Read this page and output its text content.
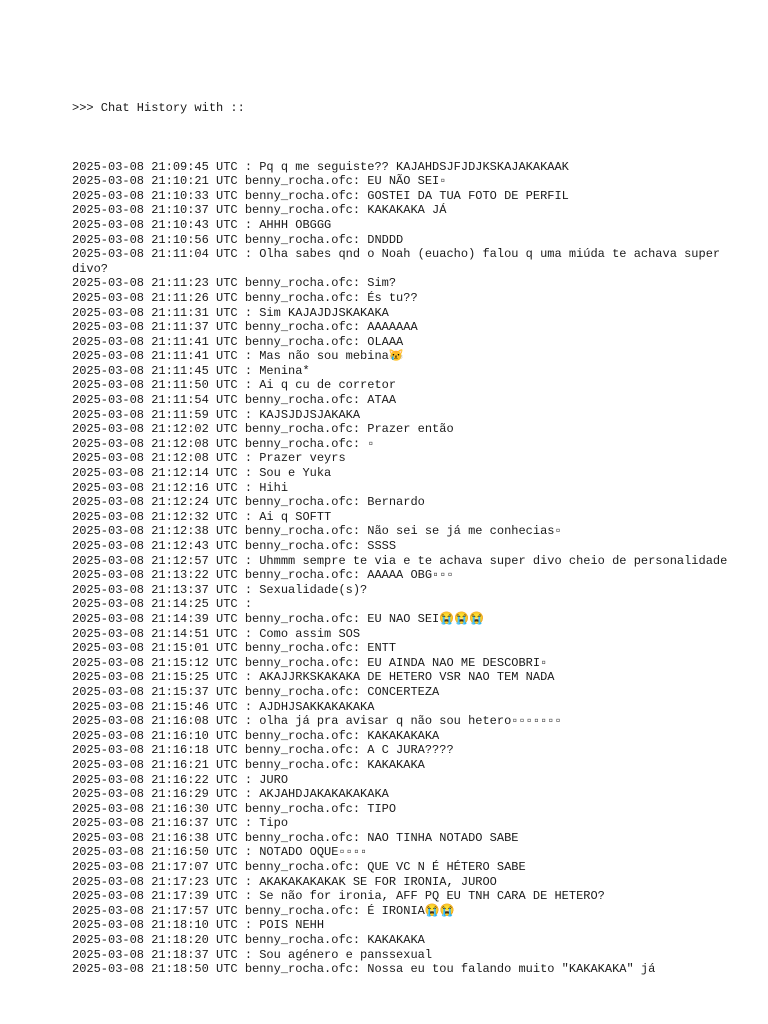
>>> Chat History with ::

2025-03-08 21:09:45 UTC : Pq q me seguiste?? KAJAHDSJFJDJKSKAJAKAKAAK
2025-03-08 21:10:21 UTC benny_rocha.ofc: EU NÃO SEI▫
2025-03-08 21:10:33 UTC benny_rocha.ofc: GOSTEI DA TUA FOTO DE PERFIL
2025-03-08 21:10:37 UTC benny_rocha.ofc: KAKAKAKA JÁ
2025-03-08 21:10:43 UTC : AHHH OBGGG
2025-03-08 21:10:56 UTC benny_rocha.ofc: DNDDD
2025-03-08 21:11:04 UTC : Olha sabes qnd o Noah (euacho) falou q uma miúda te achava super divo?
2025-03-08 21:11:23 UTC benny_rocha.ofc: Sim?
2025-03-08 21:11:26 UTC benny_rocha.ofc: És tu??
2025-03-08 21:11:31 UTC : Sim KAJAJDJSKAKAKA
2025-03-08 21:11:37 UTC benny_rocha.ofc: AAAAAAA
2025-03-08 21:11:41 UTC benny_rocha.ofc: OLAAA
2025-03-08 21:11:41 UTC : Mas não sou mebina😿
2025-03-08 21:11:45 UTC : Menina*
2025-03-08 21:11:50 UTC : Ai q cu de corretor
2025-03-08 21:11:54 UTC benny_rocha.ofc: ATAA
2025-03-08 21:11:59 UTC : KAJSJDJSJAKAKA
2025-03-08 21:12:02 UTC benny_rocha.ofc: Prazer então
2025-03-08 21:12:08 UTC benny_rocha.ofc: ▫
2025-03-08 21:12:08 UTC : Prazer veyrs
2025-03-08 21:12:14 UTC : Sou e Yuka
2025-03-08 21:12:16 UTC : Hihi
2025-03-08 21:12:24 UTC benny_rocha.ofc: Bernardo
2025-03-08 21:12:32 UTC : Ai q SOFTT
2025-03-08 21:12:38 UTC benny_rocha.ofc: Não sei se já me conhecias▫
2025-03-08 21:12:43 UTC benny_rocha.ofc: SSSS
2025-03-08 21:12:57 UTC : Uhmmm sempre te via e te achava super divo cheio de personalidade
2025-03-08 21:13:22 UTC benny_rocha.ofc: AAAAA OBG▫▫▫
2025-03-08 21:13:37 UTC : Sexualidade(s)?
2025-03-08 21:14:25 UTC :
2025-03-08 21:14:39 UTC benny_rocha.ofc: EU NAO SEI😭😭😭
2025-03-08 21:14:51 UTC : Como assim SOS
2025-03-08 21:15:01 UTC benny_rocha.ofc: ENTT
2025-03-08 21:15:12 UTC benny_rocha.ofc: EU AINDA NAO ME DESCOBRI▫
2025-03-08 21:15:25 UTC : AKAJJRKSKAKAKA DE HETERO VSR NAO TEM NADA
2025-03-08 21:15:37 UTC benny_rocha.ofc: CONCERTEZA
2025-03-08 21:15:46 UTC : AJDHJSAKKAKAKAKA
2025-03-08 21:16:08 UTC : olha já pra avisar q não sou hetero▫▫▫▫▫▫▫
2025-03-08 21:16:10 UTC benny_rocha.ofc: KAKAKAKAKA
2025-03-08 21:16:18 UTC benny_rocha.ofc: A C JURA????
2025-03-08 21:16:21 UTC benny_rocha.ofc: KAKAKAKA
2025-03-08 21:16:22 UTC : JURO
2025-03-08 21:16:29 UTC : AKJAHDJAKAKAKAKAKA
2025-03-08 21:16:30 UTC benny_rocha.ofc: TIPO
2025-03-08 21:16:37 UTC : Tipo
2025-03-08 21:16:38 UTC benny_rocha.ofc: NAO TINHA NOTADO SABE
2025-03-08 21:16:50 UTC : NOTADO OQUE▫▫▫▫
2025-03-08 21:17:07 UTC benny_rocha.ofc: QUE VC N É HÉTERO SABE
2025-03-08 21:17:23 UTC : AKAKAKAKAKAK SE FOR IRONIA, JUROO
2025-03-08 21:17:39 UTC : Se não for ironia, AFF PQ EU TNH CARA DE HETERO?
2025-03-08 21:17:57 UTC benny_rocha.ofc: É IRONIA😭😭
2025-03-08 21:18:10 UTC : POIS NEHH
2025-03-08 21:18:20 UTC benny_rocha.ofc: KAKAKAKA
2025-03-08 21:18:37 UTC : Sou agénero e panssexual
2025-03-08 21:18:50 UTC benny_rocha.ofc: Nossa eu tou falando muito "KAKAKAKA" já
